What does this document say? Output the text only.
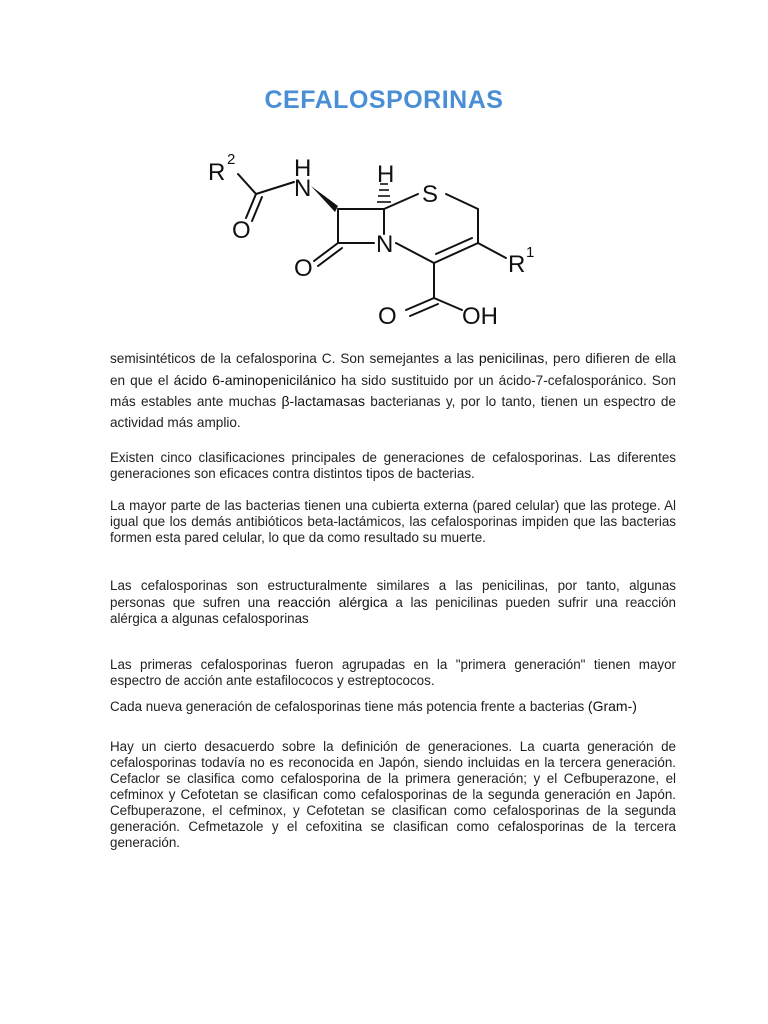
CEFALOSPORINAS
R 2 H
N
O
H
S
N
O	R 1
O	OH

semisintéticos de la cefalosporina C. Son semejantes a las penicilinas, pero difieren de ella en que el ácido 6-aminopenicilánico ha sido sustituido por un ácido-7-cefalosporánico. Son más estables ante muchas β-lactamasas bacterianas y, por lo tanto, tienen un espectro de actividad más amplio.

Existen cinco clasificaciones principales de generaciones de cefalosporinas. Las diferentes generaciones son eficaces contra distintos tipos de bacterias.

La mayor parte de las bacterias tienen una cubierta externa (pared celular) que las protege. Al igual que los demás antibióticos beta-lactámicos, las cefalosporinas impiden que las bacterias formen esta pared celular, lo que da como resultado su muerte.

Las cefalosporinas son estructuralmente similares a las penicilinas, por tanto, algunas personas que sufren una reacción alérgica a las penicilinas pueden sufrir una reacción alérgica a algunas cefalosporinas

Las primeras cefalosporinas fueron agrupadas en la "primera generación" tienen mayor espectro de acción ante estafilococos y estreptococos.

Cada nueva generación de cefalosporinas tiene más potencia frente a bacterias (Gram-)

Hay un cierto desacuerdo sobre la definición de generaciones. La cuarta generación de cefalosporinas todavía no es reconocida en Japón, siendo incluidas en la tercera generación. Cefaclor se clasifica como cefalosporina de la primera generación; y el Cefbuperazone, el cefminox y Cefotetan se clasifican como cefalosporinas de la segunda generación en Japón. Cefbuperazone, el cefminox, y Cefotetan se clasifican como cefalosporinas de la segunda generación. Cefmetazole y el cefoxitina se clasifican como cefalosporinas de la tercera generación.
